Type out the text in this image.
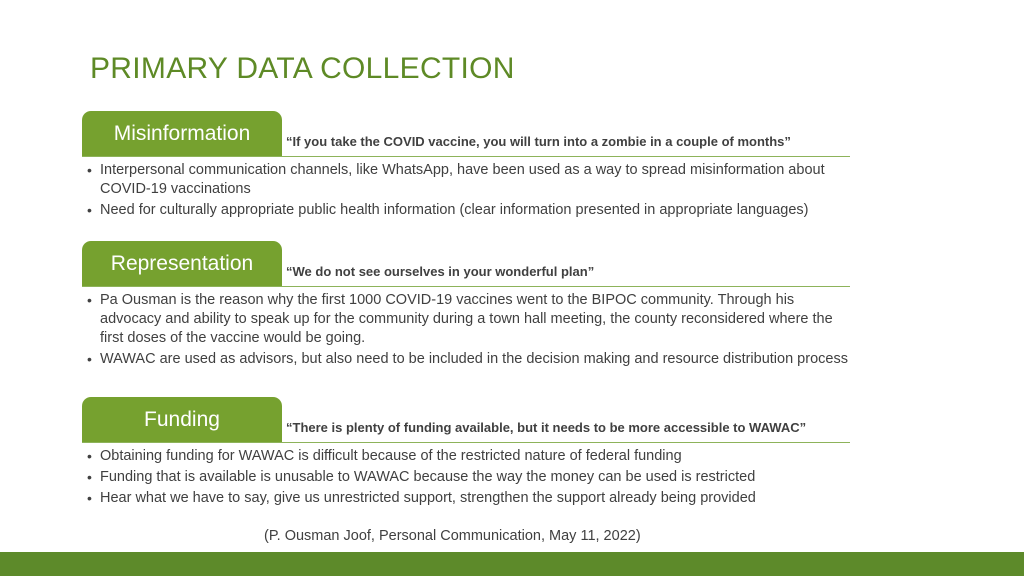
PRIMARY DATA COLLECTION
Misinformation	“If you take the COVID vaccine, you will turn into a zombie in a couple of months”
• Interpersonal communication channels, like WhatsApp, have been used as a way to spread misinformation about COVID-19 vaccinations
• Need for culturally appropriate public health information (clear information presented in appropriate languages)
Representation	“We do not see ourselves in your wonderful plan”
• Pa Ousman is the reason why the first 1000 COVID-19 vaccines went to the BIPOC community. Through his advocacy and ability to speak up for the community during a town hall meeting, the county reconsidered where the first doses of the vaccine would be going.
• WAWAC are used as advisors, but also need to be included in the decision making and resource distribution process
Funding	“There is plenty of funding available, but it needs to be more accessible to WAWAC”
• Obtaining funding for WAWAC is difficult because of the restricted nature of federal funding
• Funding that is available is unusable to WAWAC because the way the money can be used is restricted
• Hear what we have to say, give us unrestricted support, strengthen the support already being provided
(P. Ousman Joof, Personal Communication, May 11, 2022)
